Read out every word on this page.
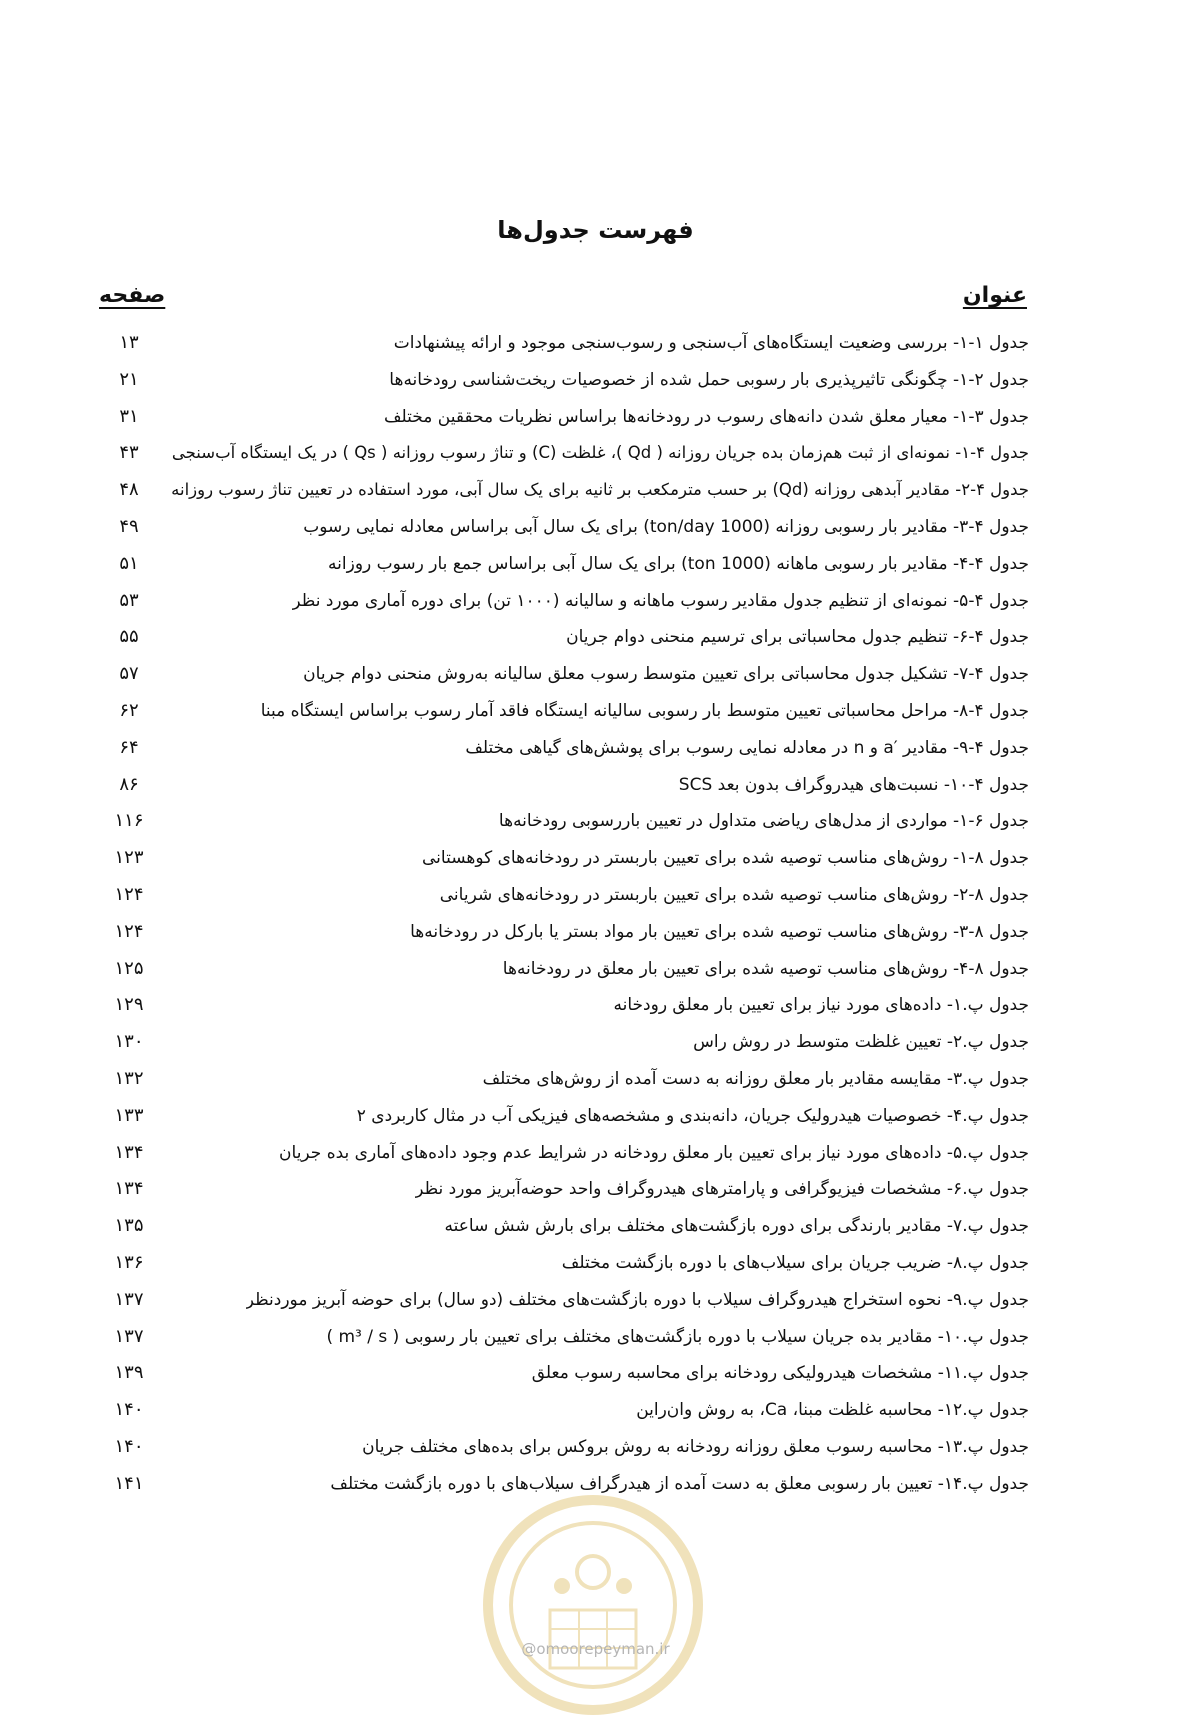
فهرست جدول‌ها
عنوان
صفحه
جدول ۱-۱- بررسی وضعیت ایستگاه‌های آب‌سنجی و رسوب‌سنجی موجود و ارائه پیشنهادات
۱۳
جدول ۲-۱- چگونگی تاثیرپذیری بار رسوبی حمل شده از خصوصیات ریخت‌شناسی رودخانه‌ها
۲۱
جدول ۳-۱- معیار معلق شدن دانه‌های رسوب در رودخانه‌ها براساس نظریات محققین مختلف
۳۱
جدول ۴-۱- نمونه‌ای از ثبت هم‌زمان بده جریان روزانه ( Qd )، غلظت (C) و تناژ رسوب روزانه ( Qs ) در یک ایستگاه آب‌سنجی
۴۳
جدول ۴-۲- مقادیر آبدهی روزانه (Qd) بر حسب مترمکعب بر ثانیه برای یک سال آبی، مورد استفاده در تعیین تناژ رسوب روزانه
۴۸
جدول ۴-۳- مقادیر بار رسوبی روزانه (1000 ton/day) برای یک سال آبی براساس معادله نمایی رسوب
۴۹
جدول ۴-۴- مقادیر بار رسوبی ماهانه (1000 ton) برای یک سال آبی براساس جمع بار رسوب روزانه
۵۱
جدول ۴-۵- نمونه‌ای از تنظیم جدول مقادیر رسوب ماهانه و سالیانه (۱۰۰۰ تن) برای دوره آماری مورد نظر
۵۳
جدول ۴-۶- تنظیم جدول محاسباتی برای ترسیم منحنی دوام جریان
۵۵
جدول ۴-۷- تشکیل جدول محاسباتی برای تعیین متوسط رسوب معلق سالیانه به‌روش منحنی دوام جریان
۵۷
جدول ۴-۸- مراحل محاسباتی تعیین متوسط بار رسوبی سالیانه ایستگاه فاقد آمار رسوب براساس ایستگاه مبنا
۶۲
جدول ۴-۹- مقادیر ′a و n در معادله نمایی رسوب برای پوشش‌های گیاهی مختلف
۶۴
جدول ۴-۱۰- نسبت‌های هیدروگراف بدون بعد SCS
۸۶
جدول ۶-۱- مواردی از مدل‌های ریاضی متداول در تعیین باررسوبی رودخانه‌ها
۱۱۶
جدول ۸-۱- روش‌های مناسب توصیه شده برای تعیین باربستر در رودخانه‌های کوهستانی
۱۲۳
جدول ۸-۲- روش‌های مناسب توصیه شده برای تعیین باربستر در رودخانه‌های شریانی
۱۲۴
جدول ۸-۳- روش‌های مناسب توصیه شده برای تعیین بار مواد بستر یا بارکل در رودخانه‌ها
۱۲۴
جدول ۸-۴- روش‌های مناسب توصیه شده برای تعیین بار معلق در رودخانه‌ها
۱۲۵
جدول پ.۱- داده‌های مورد نیاز برای تعیین بار معلق رودخانه
۱۲۹
جدول پ.۲- تعیین غلظت متوسط در روش راس
۱۳۰
جدول پ.۳- مقایسه مقادیر بار معلق روزانه به دست آمده از روش‌های مختلف
۱۳۲
جدول پ.۴- خصوصیات هیدرولیک جریان، دانه‌بندی و مشخصه‌های فیزیکی آب در مثال کاربردی ۲
۱۳۳
جدول پ.۵- داده‌های مورد نیاز برای تعیین بار معلق رودخانه در شرایط عدم وجود داده‌های آماری بده جریان
۱۳۴
جدول پ.۶- مشخصات فیزیوگرافی و پارامترهای هیدروگراف واحد حوضه‌آبریز مورد نظر
۱۳۴
جدول پ.۷- مقادیر بارندگی برای دوره بازگشت‌های مختلف برای بارش شش ساعته
۱۳۵
جدول پ.۸- ضریب جریان برای سیلاب‌های با دوره بازگشت مختلف
۱۳۶
جدول پ.۹- نحوه استخراج هیدروگراف سیلاب با دوره بازگشت‌های مختلف (دو سال) برای حوضه آبریز موردنظر
۱۳۷
جدول پ.۱۰- مقادیر بده جریان سیلاب با دوره بازگشت‌های مختلف برای تعیین بار رسوبی ( m³ / s )
۱۳۷
جدول پ.۱۱- مشخصات هیدرولیکی رودخانه برای محاسبه رسوب معلق
۱۳۹
جدول پ.۱۲- محاسبه غلظت مبنا، Ca، به روش وان‌راین
۱۴۰
جدول پ.۱۳- محاسبه رسوب معلق روزانه رودخانه به روش بروکس برای بده‌های مختلف جریان
۱۴۰
جدول پ.۱۴- تعیین بار رسوبی معلق به دست آمده از هیدرگراف سیلاب‌های با دوره بازگشت مختلف
۱۴۱
@omoorepeyman.ir
